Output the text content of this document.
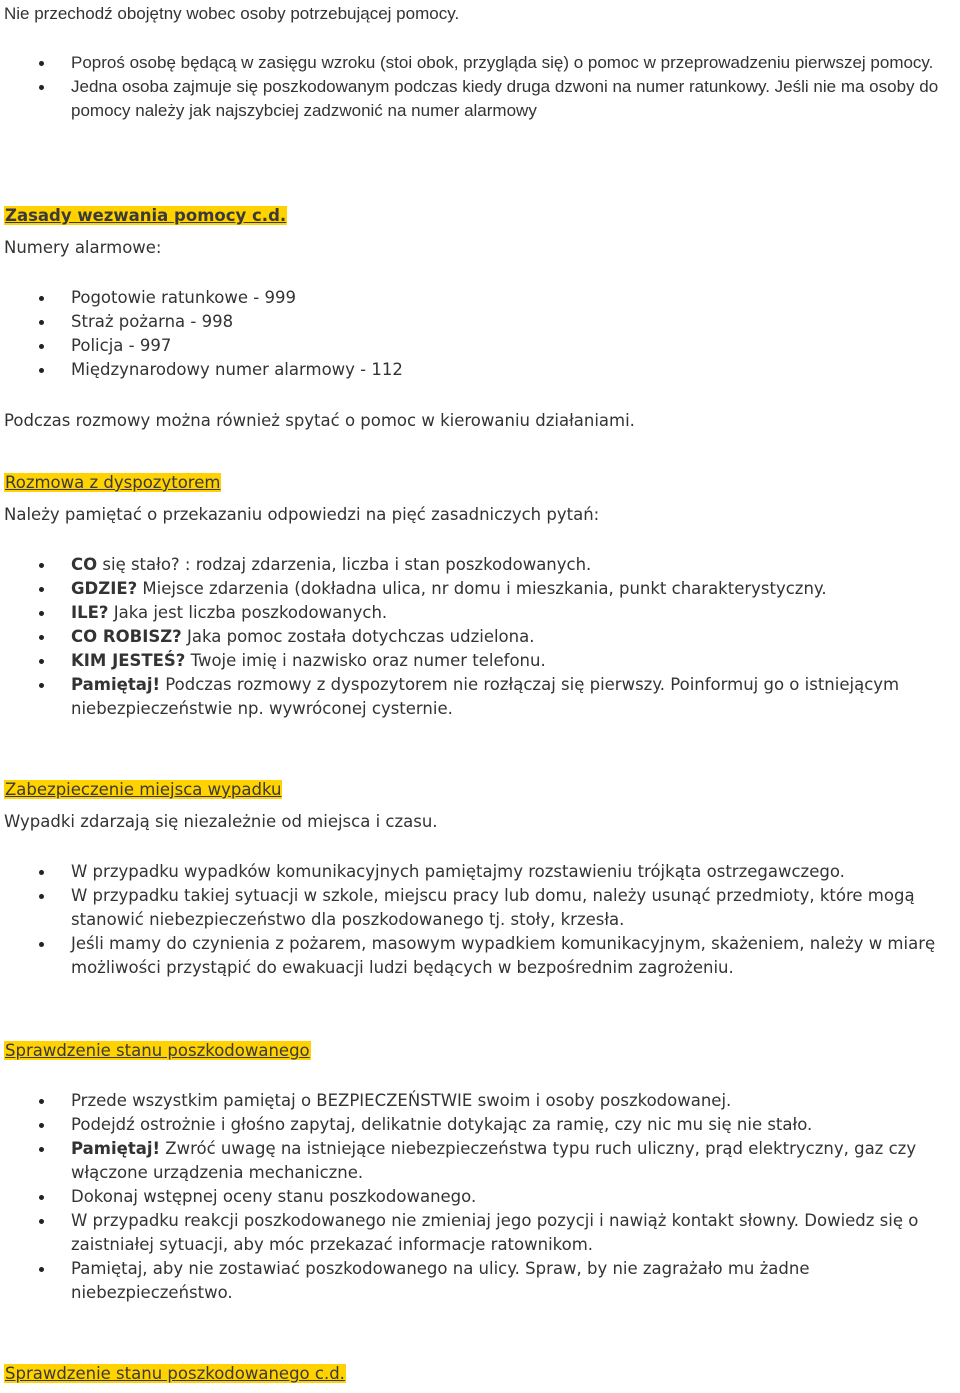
Nie przechodź obojętny wobec osoby potrzebującej pomocy.

Poproś osobę będącą w zasięgu wzroku (stoi obok, przygląda się) o pomoc w przeprowadzeniu pierwszej pomocy.
Jedna osoba zajmuje się poszkodowanym podczas kiedy druga dzwoni na numer ratunkowy. Jeśli nie ma osoby do pomocy należy jak najszybciej zadzwonić na numer alarmowy

Zasady wezwania pomocy c.d.

Numery alarmowe:

Pogotowie ratunkowe - 999
Straż pożarna - 998
Policja - 997
Międzynarodowy numer alarmowy - 112

Podczas rozmowy można również spytać o pomoc w kierowaniu działaniami.

Rozmowa z dyspozytorem

Należy pamiętać o przekazaniu odpowiedzi na pięć zasadniczych pytań:

CO się stało? : rodzaj zdarzenia, liczba i stan poszkodowanych.
GDZIE? Miejsce zdarzenia (dokładna ulica, nr domu i mieszkania, punkt charakterystyczny.
ILE? Jaka jest liczba poszkodowanych.
CO ROBISZ? Jaka pomoc została dotychczas udzielona.
KIM JESTEŚ? Twoje imię i nazwisko oraz numer telefonu.
Pamiętaj! Podczas rozmowy z dyspozytorem nie rozłączaj się pierwszy. Poinformuj go o istniejącym niebezpieczeństwie np. wywróconej cysternie.

Zabezpieczenie miejsca wypadku

Wypadki zdarzają się niezależnie od miejsca i czasu.

W przypadku wypadków komunikacyjnych pamiętajmy rozstawieniu trójkąta ostrzegawczego.
W przypadku takiej sytuacji w szkole, miejscu pracy lub domu, należy usunąć przedmioty, które mogą stanowić niebezpieczeństwo dla poszkodowanego tj. stoły, krzesła.
Jeśli mamy do czynienia z pożarem, masowym wypadkiem komunikacyjnym, skażeniem, należy w miarę możliwości przystąpić do ewakuacji ludzi będących w bezpośrednim zagrożeniu.

Sprawdzenie stanu poszkodowanego

Przede wszystkim pamiętaj o BEZPIECZEŃSTWIE swoim i osoby poszkodowanej.
Podejdź ostrożnie i głośno zapytaj, delikatnie dotykając za ramię, czy nic mu się nie stało.
Pamiętaj! Zwróć uwagę na istniejące niebezpieczeństwa typu ruch uliczny, prąd elektryczny, gaz czy włączone urządzenia mechaniczne.
Dokonaj wstępnej oceny stanu poszkodowanego.
W przypadku reakcji poszkodowanego nie zmieniaj jego pozycji i nawiąż kontakt słowny. Dowiedz się o zaistniałej sytuacji, aby móc przekazać informacje ratownikom.
Pamiętaj, aby nie zostawiać poszkodowanego na ulicy. Spraw, by nie zagrażało mu żadne niebezpieczeństwo.

Sprawdzenie stanu poszkodowanego c.d.
